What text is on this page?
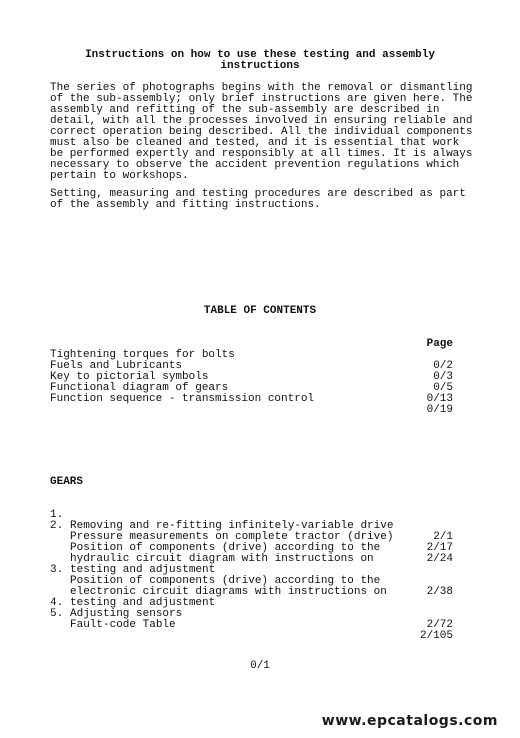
Instructions on how to use these testing and assembly
instructions
The series of photographs begins with the removal or dismantling
of the sub-assembly; only brief instructions are given here. The
assembly and refitting of the sub-assembly are described in
detail, with all the processes involved in ensuring reliable and
correct operation being described. All the individual components
must also be cleaned and tested, and it is essential that work
be performed expertly and responsibly at all times. It is always
necessary to observe the accident prevention regulations which
pertain to workshops.
Setting, measuring and testing procedures are described as part
of the assembly and fitting instructions.
TABLE OF CONTENTS

Page

Tightening torques for bolts

0/2

Fuels and Lubricants

0/3

Key to pictorial symbols

0/5

Functional diagram of gears

0/13

Function sequence - transmission control

0/19

GEARS

1.

Removing and re-fitting infinitely-variable drive

2/1

2.

Pressure measurements on complete tractor (drive)

2/17

Position of components (drive) according to the

2/24

hydraulic circuit diagram with instructions on

testing and adjustment

3.

Position of components (drive) according to the

2/38

electronic circuit diagrams with instructions on

testing and adjustment

4.

Adjusting sensors

2/72

5.

Fault-code Table

2/105

0/1
www.epcatalogs.com
